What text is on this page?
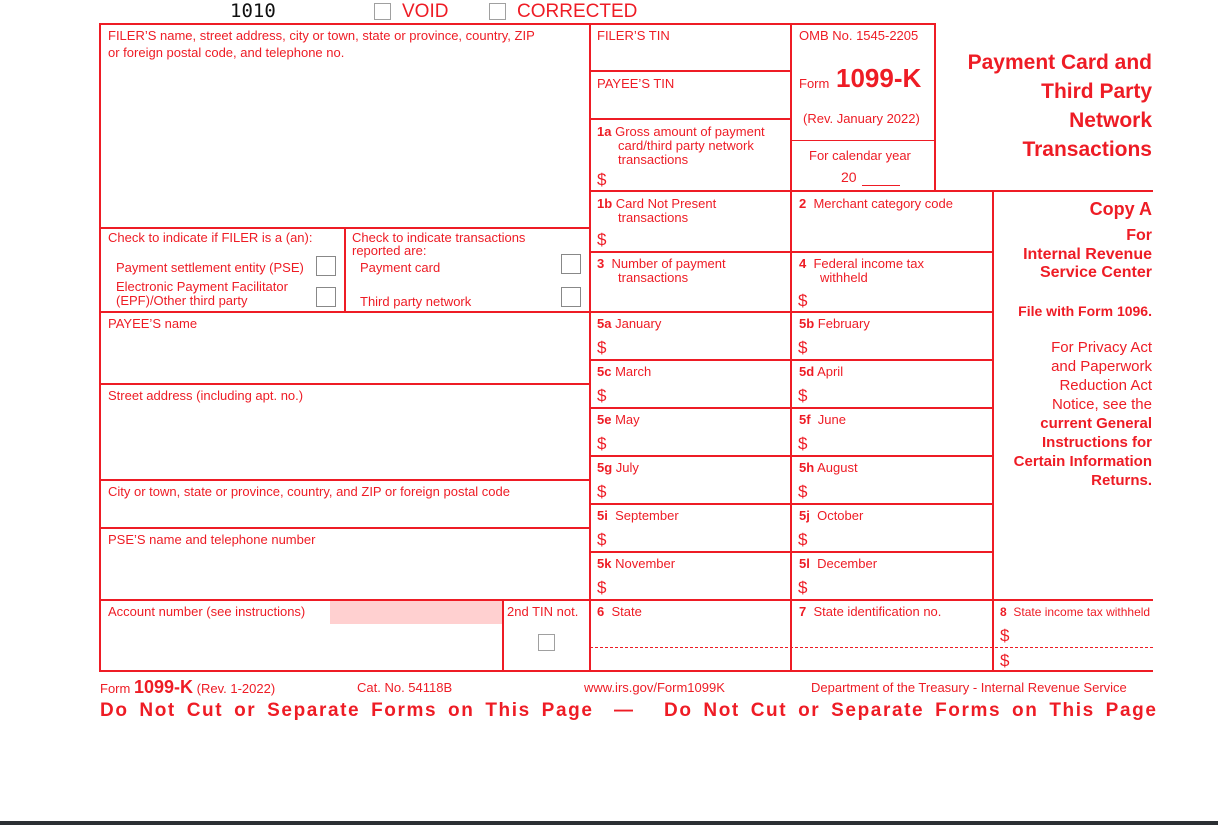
1010	VOID	CORRECTED
FILER’S name, street address, city or town, state or province, country, ZIP
or foreign postal code, and telephone no.
FILER’S TIN
PAYEE’S TIN
OMB No. 1545-2205
Form 1099-K
(Rev. January 2022)
For calendar year
20
Payment Card and
Third Party
Network
Transactions
1a Gross amount of payment
card/third party network
transactions
$
1b Card Not Present
transactions
$
2 Merchant category code
3 Number of payment
transactions
4 Federal income tax
withheld
$
Check to indicate if FILER is a (an):
Payment settlement entity (PSE)
Electronic Payment Facilitator
(EPF)/Other third party
Check to indicate transactions
reported are:
Payment card
Third party network
PAYEE’S name
Street address (including apt. no.)
City or town, state or province, country, and ZIP or foreign postal code
PSE’S name and telephone number
Account number (see instructions)	2nd TIN not.
5a January
$
5b February
$
5c March
$
5d April
$
5e May
$
5f June
$
5g July
$
5h August
$
5i September
$
5j October
$
5k November
$
5l December
$
6 State	7 State identification no.	8 State income tax withheld
$
$
Copy A
For
Internal Revenue
Service Center
File with Form 1096.
For Privacy Act
and Paperwork
Reduction Act
Notice, see the
current General
Instructions for
Certain Information
Returns.
Form 1099-K (Rev. 1-2022)	Cat. No. 54118B	www.irs.gov/Form1099K	Department of the Treasury - Internal Revenue Service
Do Not Cut or Separate Forms on This Page — Do Not Cut or Separate Forms on This Page
